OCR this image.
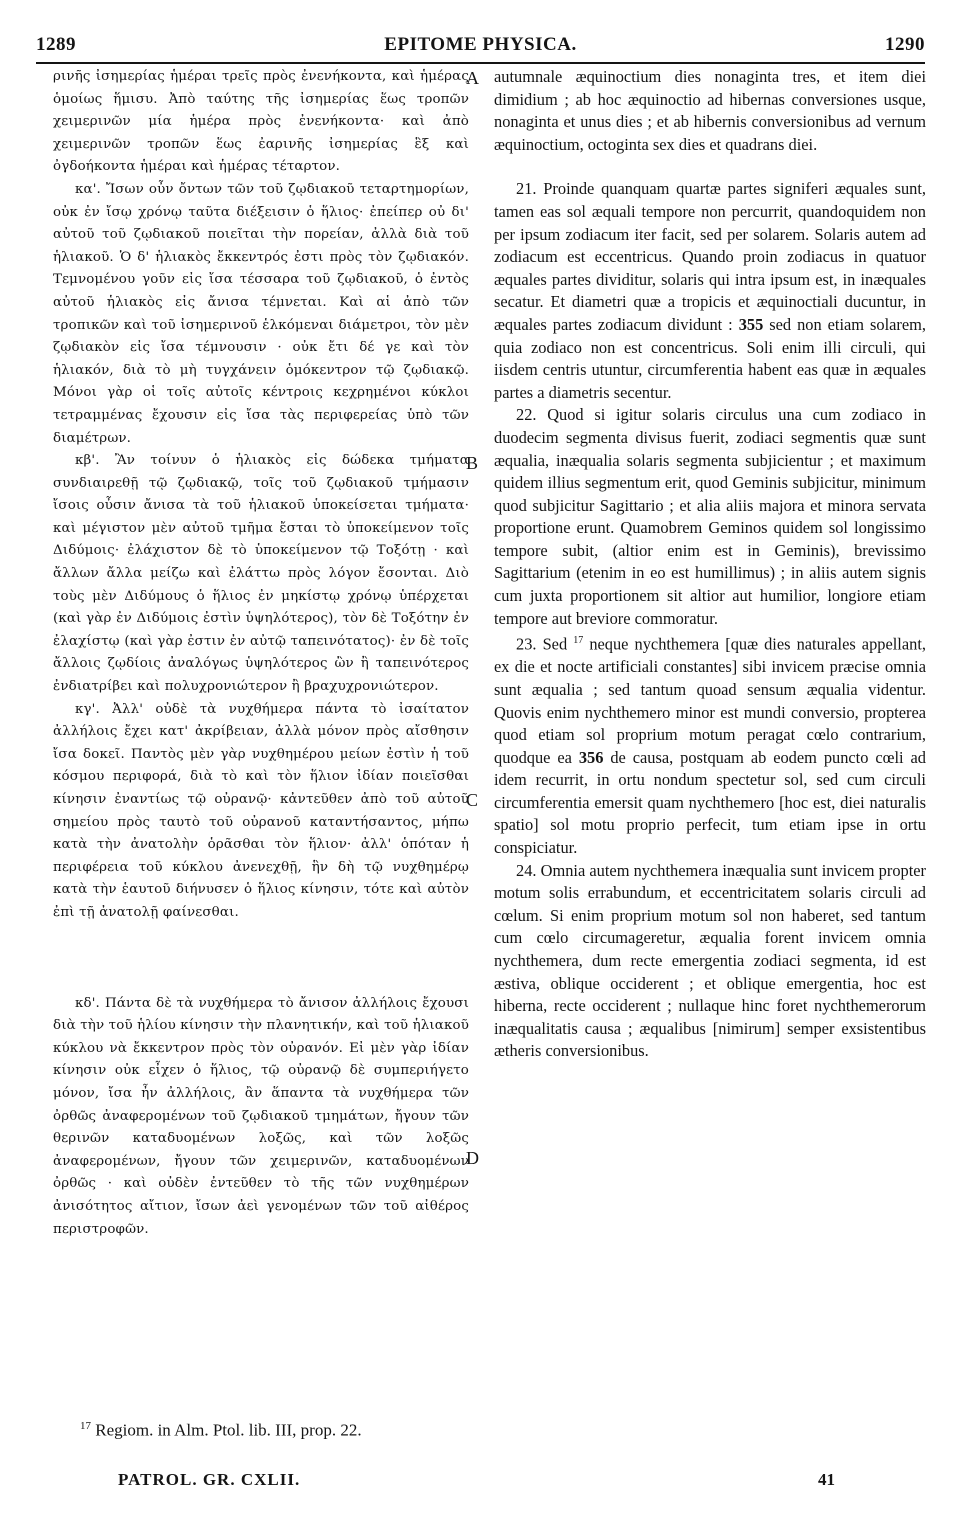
1289	EPITOME PHYSICA.	1290

ρινῆς ἰσημερίας ἡμέραι τρεῖς πρὸς ἐνενήκοντα, καὶ ἡμέρας ὁμοίως ἥμισυ. Ἀπὸ ταύτης τῆς ἰσημερίας ἕως τροπῶν χειμερινῶν μία ἡμέρα πρὸς ἐνενήκοντα· καὶ ἀπὸ χειμερινῶν τροπῶν ἕως ἐαρινῆς ἰσημερίας ἓξ καὶ ὀγδοήκοντα ἡμέραι καὶ ἡμέρας τέταρτον.

κα'. Ἴσων οὖν ὄντων τῶν τοῦ ζῳδιακοῦ τεταρτημορίων, οὐκ ἐν ἴσῳ χρόνῳ ταῦτα διέξεισιν ὁ ἥλιος· ἐπείπερ οὐ δι' αὐτοῦ τοῦ ζῳδιακοῦ ποιεῖται τὴν πορείαν, ἀλλὰ διὰ τοῦ ἡλιακοῦ. Ὁ δ' ἡλιακὸς ἔκκεντρός ἐστι πρὸς τὸν ζῳδιακόν. Τεμνομένου γοῦν εἰς ἴσα τέσσαρα τοῦ ζῳδιακοῦ, ὁ ἐντὸς αὐτοῦ ἡλιακὸς εἰς ἄνισα τέμνεται. Καὶ αἱ ἀπὸ τῶν τροπικῶν καὶ τοῦ ἰσημερινοῦ ἑλκόμεναι διάμετροι, τὸν μὲν ζῳδιακὸν εἰς ἴσα τέμνουσιν · οὐκ ἔτι δέ γε καὶ τὸν ἡλιακόν, διὰ τὸ μὴ τυγχάνειν ὁμόκεντρον τῷ ζῳδιακῷ. Μόνοι γὰρ οἱ τοῖς αὐτοῖς κέντροις κεχρημένοι κύκλοι τετραμμένας ἔχουσιν εἰς ἴσα τὰς περιφερείας ὑπὸ τῶν διαμέτρων.

κβ'. Ἂν τοίνυν ὁ ἡλιακὸς εἰς δώδεκα τμήματα συνδιαιρεθῇ τῷ ζῳδιακῷ, τοῖς τοῦ ζῳδιακοῦ τμήμασιν ἴσοις οὖσιν ἄνισα τὰ τοῦ ἡλιακοῦ ὑποκείσεται τμήματα· καὶ μέγιστον μὲν αὐτοῦ τμῆμα ἔσται τὸ ὑποκείμενον τοῖς Διδύμοις· ἐλάχιστον δὲ τὸ ὑποκείμενον τῷ Τοξότῃ · καὶ ἄλλων ἄλλα μείζω καὶ ἐλάττω πρὸς λόγον ἔσονται. Διὸ τοὺς μὲν Διδύμους ὁ ἥλιος ἐν μηκίστῳ χρόνῳ ὑπέρχεται (καὶ γὰρ ἐν Διδύμοις ἐστὶν ὑψηλότερος), τὸν δὲ Τοξότην ἐν ἐλαχίστῳ (καὶ γὰρ ἐστιν ἐν αὐτῷ ταπεινότατος)· ἐν δὲ τοῖς ἄλλοις ζῳδίοις ἀναλόγως ὑψηλότερος ὢν ἢ ταπεινότερος ἐνδιατρίβει καὶ πολυχρονιώτερον ἢ βραχυχρονιώτερον.

κγ'. Ἀλλ' οὐδὲ τὰ νυχθήμερα πάντα τὸ ἰσαίτατον ἀλλήλοις ἔχει κατ' ἀκρίβειαν, ἀλλὰ μόνον πρὸς αἴσθησιν ἴσα δοκεῖ. Παντὸς μὲν γὰρ νυχθημέρου μείων ἐστὶν ἡ τοῦ κόσμου περιφορά, διὰ τὸ καὶ τὸν ἥλιον ἰδίαν ποιεῖσθαι κίνησιν ἐναντίως τῷ οὐρανῷ· κἀντεῦθεν ἀπὸ τοῦ αὐτοῦ σημείου πρὸς ταυτὸ τοῦ οὐρανοῦ καταντήσαντος, μήπω κατὰ τὴν ἀνατολὴν ὁρᾶσθαι τὸν ἥλιον· ἀλλ' ὁπόταν ἡ περιφέρεια τοῦ κύκλου ἀνενεχθῇ, ἣν δὴ τῷ νυχθημέρῳ κατὰ τὴν ἑαυτοῦ διήνυσεν ὁ ἥλιος κίνησιν, τότε καὶ αὐτὸν ἐπὶ τῇ ἀνατολῇ φαίνεσθαι.

κδ'. Πάντα δὲ τὰ νυχθήμερα τὸ ἄνισον ἀλλήλοις ἔχουσι διὰ τὴν τοῦ ἡλίου κίνησιν τὴν πλανητικήν, καὶ τοῦ ἡλιακοῦ κύκλου νὰ ἔκκεντρον πρὸς τὸν οὐρανόν. Εἰ μὲν γὰρ ἰδίαν κίνησιν οὐκ εἶχεν ὁ ἥλιος, τῷ οὐρανῷ δὲ συμπεριήγετο μόνον, ἴσα ἦν ἀλλήλοις, ἂν ἅπαντα τὰ νυχθήμερα τῶν ὀρθῶς ἀναφερομένων τοῦ ζῳδιακοῦ τμημάτων, ἤγουν τῶν θερινῶν καταδυομένων λοξῶς, καὶ τῶν λοξῶς ἀναφερομένων, ἤγουν τῶν χειμερινῶν, καταδυομένων ὀρθῶς · καὶ οὐδὲν ἐντεῦθεν τὸ τῆς τῶν νυχθημέρων ἀνισότητος αἴτιον, ἴσων ἀεὶ γενομένων τῶν τοῦ αἰθέρος περιστροφῶν.

A
B
C
D

autumnale æquinoctium dies nonaginta tres, et item diei dimidium ; ab hoc æquinoctio ad hibernas conversiones usque, nonaginta et unus dies ; et ab hibernis conversionibus ad vernum æquinoctium, octoginta sex dies et quadrans diei.

21. Proinde quanquam quartæ partes signiferi æquales sunt, tamen eas sol æquali tempore non percurrit, quandoquidem non per ipsum zodiacum iter facit, sed per solarem. Solaris autem ad zodiacum est eccentricus. Quando proin zodiacus in quatuor æquales partes dividitur, solaris qui intra ipsum est, in inæquales secatur. Et diametri quæ a tropicis et æquinoctiali ducuntur, in æquales partes zodiacum dividunt : 355 sed non etiam solarem, quia zodiaco non est concentricus. Soli enim illi circuli, qui iisdem centris utuntur, circumferentia habent eas quæ in æquales partes a diametris secentur.

22. Quod si igitur solaris circulus una cum zodiaco in duodecim segmenta divisus fuerit, zodiaci segmentis quæ sunt æqualia, inæqualia solaris segmenta subjicientur ; et maximum quidem illius segmentum erit, quod Geminis subjicitur, minimum quod subjicitur Sagittario ; et alia aliis majora et minora servata proportione erunt. Quamobrem Geminos quidem sol longissimo tempore subit, (altior enim est in Geminis), brevissimo Sagittarium (etenim in eo est humillimus) ; in aliis autem signis cum juxta proportionem sit altior aut humilior, longiore etiam tempore aut breviore commoratur.

23. Sed $^{17}$ neque nychthemera [quæ dies naturales appellant, ex die et nocte artificiali constantes] sibi invicem præcise omnia sunt æqualia ; sed tantum quoad sensum æqualia videntur. Quovis enim nychthemero minor est mundi conversio, propterea quod etiam sol proprium motum peragat cœlo contrarium, quodque ea 356 de causa, postquam ab eodem puncto cœli ad idem recurrit, in ortu nondum spectetur sol, sed cum circuli circumferentia emersit quam nychthemero [hoc est, diei naturalis spatio] sol motu proprio perfecit, tum etiam ipse in ortu conspiciatur.

24. Omnia autem nychthemera inæqualia sunt invicem propter motum solis errabundum, et eccentricitatem solaris circuli ad cœlum. Si enim proprium motum sol non haberet, sed tantum cum cœlo circumageretur, æqualia forent invicem omnia nychthemera, dum recte emergentia zodiaci segmenta, id est æstiva, oblique occiderent ; et oblique emergentia, hoc est hiberna, recte occiderent ; nullaque hinc foret nychthemerorum inæqualitatis causa ; æqualibus [nimirum] semper exsistentibus ætheris conversionibus.

$^{17}$ Regiom. in Alm. Ptol. lib. III, prop. 22.
PATROL. GR. CXLII.	41
